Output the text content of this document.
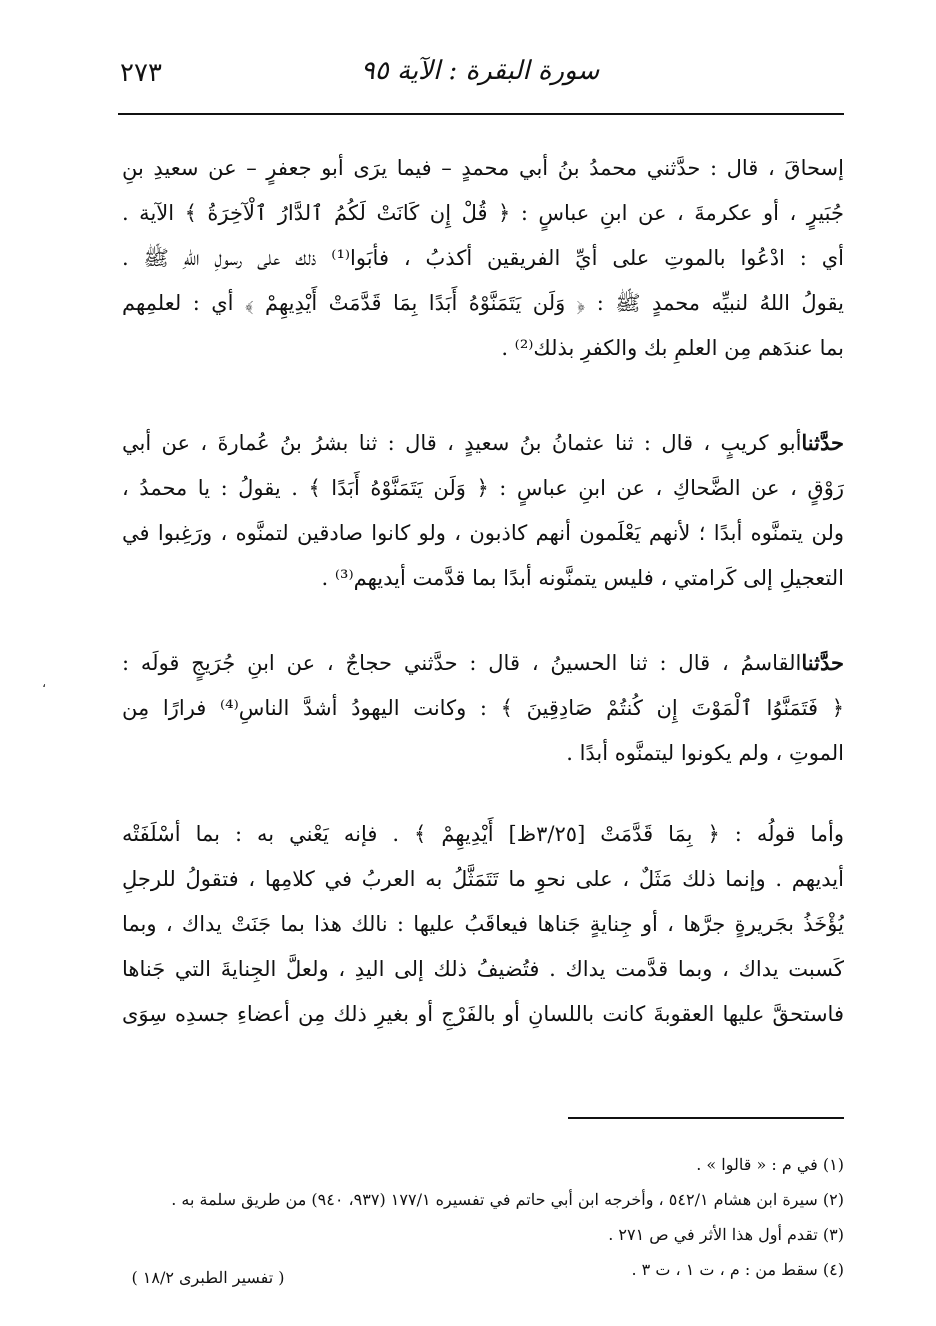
٢٧٣	سورة البقرة : الآية ٩٥

إسحاقَ ، قال : حدَّثني محمدُ بنُ أبي محمدٍ – فيما يرَى أبو جعفرٍ – عن سعيدِ بنِ
جُبَيرٍ ، أو عكرمةَ ، عن ابنِ عباسٍ : ﴿ قُلْ إِن كَانَتْ لَكُمُ ٱلدَّارُ ٱلْآخِرَةُ ﴾ الآية .
أي : ادْعُوا بالموتِ على أيِّ الفريقين أكذبُ ، فأبَوا⁽¹⁾ ذلك على رسولِ اللهِ ﷺ .
يقولُ اللهُ لنبيِّه محمدٍ ﷺ : ﴿ وَلَن يَتَمَنَّوْهُ أَبَدًا بِمَا قَدَّمَتْ أَيْدِيهِمْ ﴾ أي : لعلمِهم
بما عندَهم مِن العلمِ بك والكفرِ بذلك⁽²⁾ .

حدَّثناأبو كريبٍ ، قال : ثنا عثمانُ بنُ سعيدٍ ، قال : ثنا بشرُ بنُ عُمارةَ ، عن أبي
رَوْقٍ ، عن الضَّحاكِ ، عن ابنِ عباسٍ : ﴿ وَلَن يَتَمَنَّوْهُ أَبَدًا ﴾ . يقولُ : يا محمدُ ،
ولن يتمنَّوه أبدًا ؛ لأنهم يَعْلَمون أنهم كاذبون ، ولو كانوا صادقين لتمنَّوه ، ورَغِبوا في
التعجيلِ إلى كَرامتي ، فليس يتمنَّونه أبدًا بما قدَّمت أيديهم⁽³⁾ .

حدَّثناالقاسمُ ، قال : ثنا الحسينُ ، قال : حدَّثني حجاجٌ ، عن ابنِ جُرَيجٍ قولَه :
﴿ فَتَمَنَّوُا ٱلْمَوْتَ إِن كُنتُمْ صَادِقِينَ ﴾ : وكانت اليهودُ أشدَّ الناسِ⁽⁴⁾ فرارًا مِن
الموتِ ، ولم يكونوا ليتمنَّوه أبدًا .

وأما قولُه : ﴿ بِمَا قَدَّمَتْ [٣/٢٥ظ] أَيْدِيهِمْ ﴾ . فإنه يَعْني به : بما أسْلَفَتْه
أيديهم . وإنما ذلك مَثَلٌ ، على نحوِ ما تَتَمَثَّلُ به العربُ في كلامِها ، فتقولُ للرجلِ
يُؤْخَذُ بجَريرةٍ جرَّها ، أو جِنايةٍ جَناها فيعاقَبُ عليها : نالك هذا بما جَنَتْ يداك ، وبما
كَسبت يداك ، وبما قدَّمت يداك . فتُضيفُ ذلك إلى اليدِ ، ولعلَّ الجِنايةَ التي جَناها
فاستحقَّ عليها العقوبةَ كانت باللسانِ أو بالفَرْجِ أو بغيرِ ذلك مِن أعضاءِ جسدِه سِوَى

(١) في م : « قالوا » .
(٢) سيرة ابن هشام ٥٤٢/١ ، وأخرجه ابن أبي حاتم في تفسيره ١٧٧/١ (٩٣٧، ٩٤٠) من طريق سلمة به .
(٣) تقدم أول هذا الأثر في ص ٢٧١ .
(٤) سقط من : م ، ت ١ ، ت ٣ .
( تفسير الطبرى ١٨/٢ )
،
